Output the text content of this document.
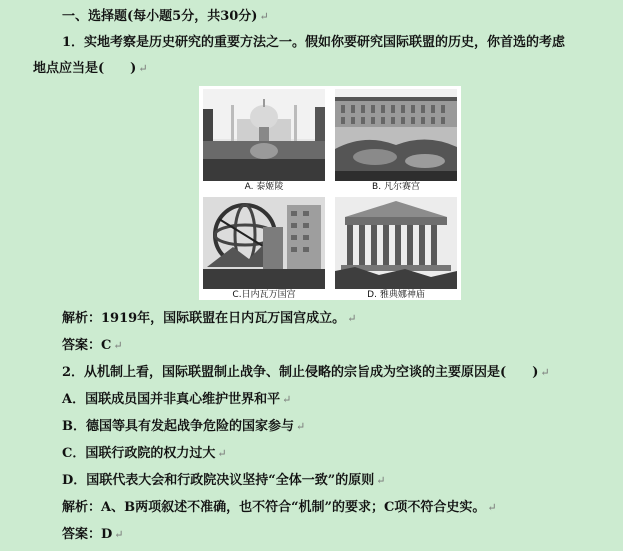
一、选择题(每小题5分，共30分) ↵
1．实地考察是历史研究的重要方法之一。假如你要研究国际联盟的历史，你首选的考虑
地点应当是(　　) ↵
A. 泰姬陵	B. 凡尔赛宫
C.日内瓦万国宫	D. 雅典娜神庙
解析：1919年，国际联盟在日内瓦万国宫成立。 ↵
答案：C ↵
2．从机制上看，国际联盟制止战争、制止侵略的宗旨成为空谈的主要原因是(　　) ↵
A．国联成员国并非真心维护世界和平 ↵
B．德国等具有发起战争危险的国家参与 ↵
C．国联行政院的权力过大 ↵
D．国联代表大会和行政院决议坚持“全体一致”的原则 ↵
解析：A、B两项叙述不准确，也不符合“机制”的要求；C项不符合史实。 ↵
答案：D ↵
